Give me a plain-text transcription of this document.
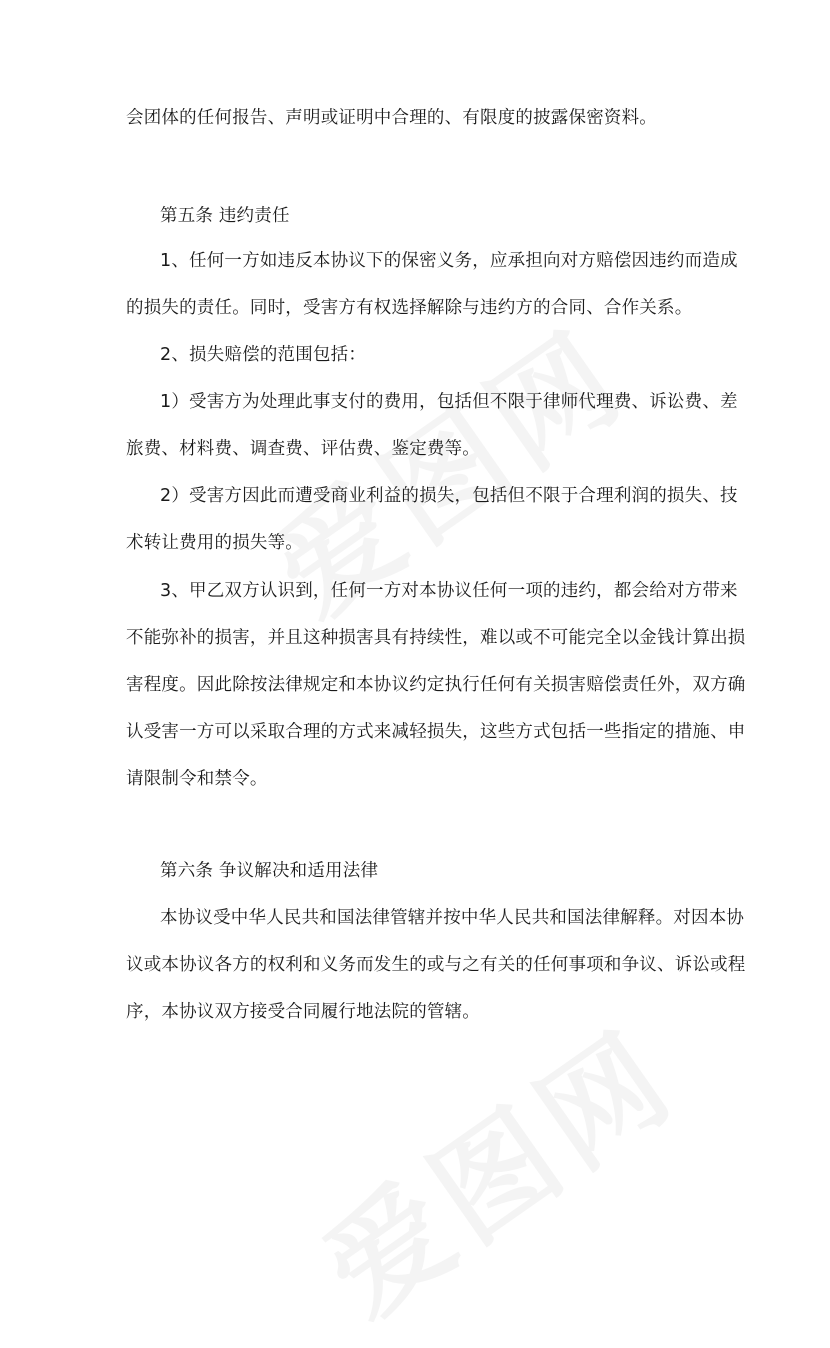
会团体的任何报告、声明或证明中合理的、有限度的披露保密资料。
第五条 违约责任
1、任何一方如违反本协议下的保密义务，应承担向对方赔偿因违约而造成
的损失的责任。同时，受害方有权选择解除与违约方的合同、合作关系。
2、损失赔偿的范围包括：
1）受害方为处理此事支付的费用，包括但不限于律师代理费、诉讼费、差
旅费、材料费、调查费、评估费、鉴定费等。
2）受害方因此而遭受商业利益的损失，包括但不限于合理利润的损失、技
术转让费用的损失等。
3、甲乙双方认识到，任何一方对本协议任何一项的违约，都会给对方带来
不能弥补的损害，并且这种损害具有持续性，难以或不可能完全以金钱计算出损
害程度。因此除按法律规定和本协议约定执行任何有关损害赔偿责任外，双方确
认受害一方可以采取合理的方式来减轻损失，这些方式包括一些指定的措施、申
请限制令和禁令。
第六条 争议解决和适用法律
本协议受中华人民共和国法律管辖并按中华人民共和国法律解释。对因本协
议或本协议各方的权利和义务而发生的或与之有关的任何事项和争议、诉讼或程
序，本协议双方接受合同履行地法院的管辖。
